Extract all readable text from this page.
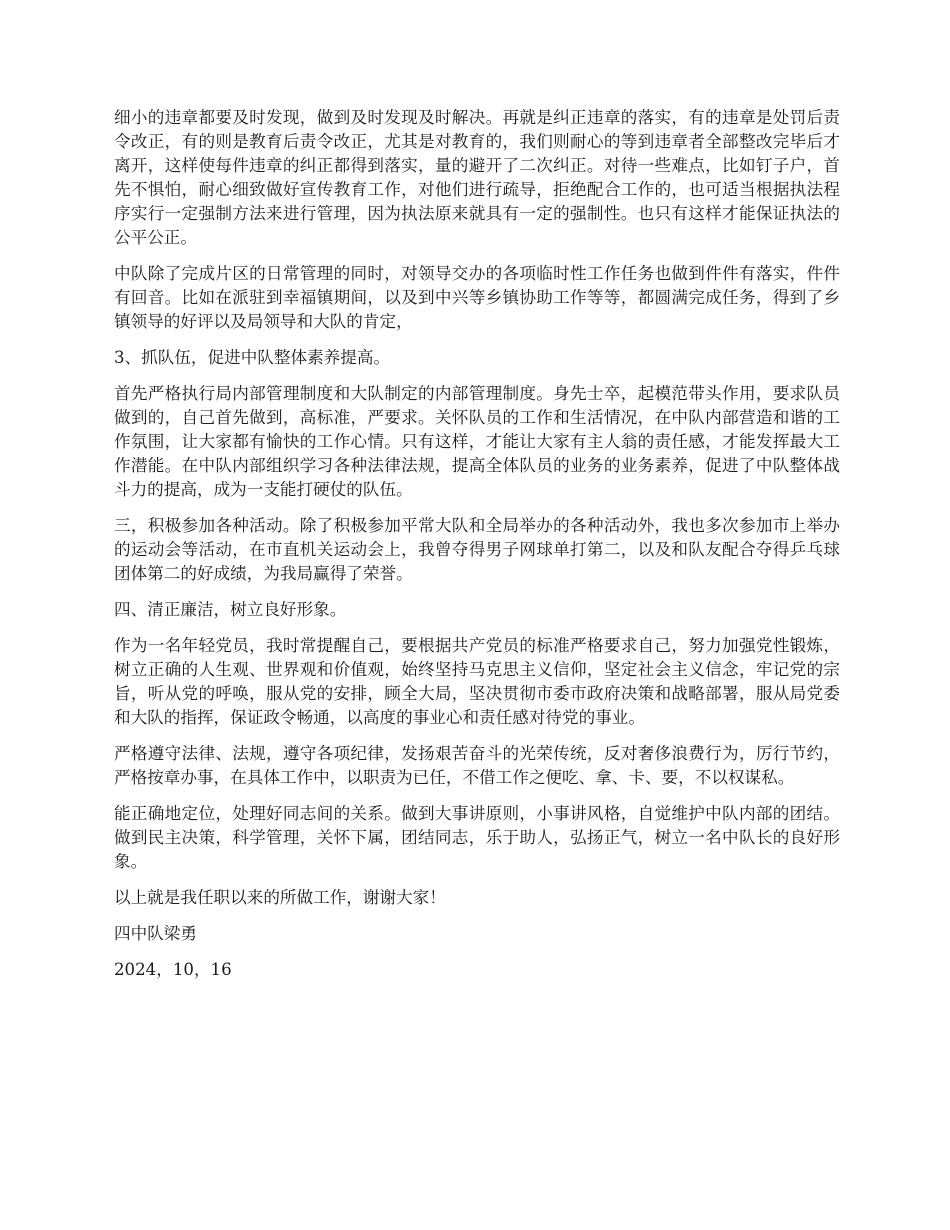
细小的违章都要及时发现，做到及时发现及时解决。再就是纠正违章的落实，有的违章是处罚后责令改正，有的则是教育后责令改正，尤其是对教育的，我们则耐心的等到违章者全部整改完毕后才离开，这样使每件违章的纠正都得到落实，量的避开了二次纠正。对待一些难点，比如钉子户，首先不惧怕，耐心细致做好宣传教育工作，对他们进行疏导，拒绝配合工作的，也可适当根据执法程序实行一定强制方法来进行管理，因为执法原来就具有一定的强制性。也只有这样才能保证执法的公平公正。

中队除了完成片区的日常管理的同时，对领导交办的各项临时性工作任务也做到件件有落实，件件有回音。比如在派驻到幸福镇期间，以及到中兴等乡镇协助工作等等，都圆满完成任务，得到了乡镇领导的好评以及局领导和大队的肯定，

3、抓队伍，促进中队整体素养提高。

首先严格执行局内部管理制度和大队制定的内部管理制度。身先士卒，起模范带头作用，要求队员做到的，自己首先做到，高标准，严要求。关怀队员的工作和生活情况，在中队内部营造和谐的工作氛围，让大家都有愉快的工作心情。只有这样，才能让大家有主人翁的责任感，才能发挥最大工作潜能。在中队内部组织学习各种法律法规，提高全体队员的业务的业务素养，促进了中队整体战斗力的提高，成为一支能打硬仗的队伍。

三，积极参加各种活动。除了积极参加平常大队和全局举办的各种活动外，我也多次参加市上举办的运动会等活动，在市直机关运动会上，我曾夺得男子网球单打第二，以及和队友配合夺得乒乓球团体第二的好成绩，为我局赢得了荣誉。

四、清正廉洁，树立良好形象。

作为一名年轻党员，我时常提醒自己，要根据共产党员的标准严格要求自己，努力加强党性锻炼，树立正确的人生观、世界观和价值观，始终坚持马克思主义信仰，坚定社会主义信念，牢记党的宗旨，听从党的呼唤，服从党的安排，顾全大局，坚决贯彻市委市政府决策和战略部署，服从局党委和大队的指挥，保证政令畅通，以高度的事业心和责任感对待党的事业。

严格遵守法律、法规，遵守各项纪律，发扬艰苦奋斗的光荣传统，反对奢侈浪费行为，厉行节约，严格按章办事，在具体工作中，以职责为已任，不借工作之便吃、拿、卡、要，不以权谋私。

能正确地定位，处理好同志间的关系。做到大事讲原则，小事讲风格，自觉维护中队内部的团结。做到民主决策，科学管理，关怀下属，团结同志，乐于助人，弘扬正气，树立一名中队长的良好形象。

以上就是我任职以来的所做工作，谢谢大家！

四中队梁勇

2024，10，16
